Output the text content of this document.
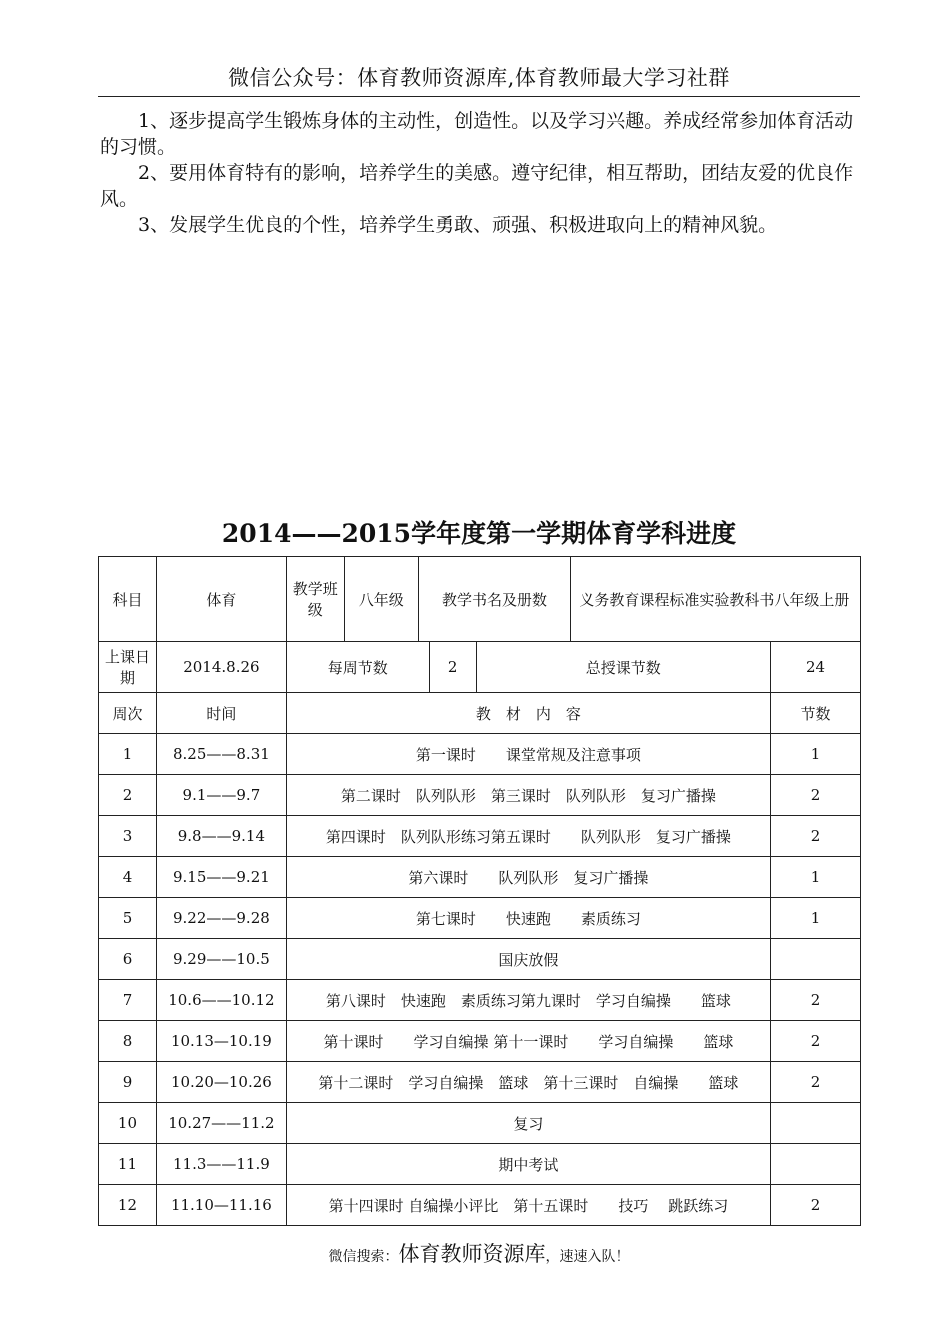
微信公众号：体育教师资源库,体育教师最大学习社群

1、逐步提高学生锻炼身体的主动性，创造性。以及学习兴趣。养成经常参加体育活动的习惯。

2、要用体育特有的影响，培养学生的美感。遵守纪律，相互帮助，团结友爱的优良作风。

3、发展学生优良的个性，培养学生勇敢、顽强、积极进取向上的精神风貌。

2014——2015学年度第一学期体育学科进度
科目	体育	教学班级	八年级	教学书名及册数			义务教育课程标准实验教科书八年级上册	
上课日期	2014.8.26	每周节数			2	总授课节数		24
周次	时间	教　材　内　容						节数
1	8.25——8.31	第一课时　　课堂常规及注意事项						1
2	9.1——9.7	第二课时　队列队形　第三课时　队列队形　复习广播操						2
3	9.8——9.14	第四课时　队列队形练习第五课时　　队列队形　复习广播操						2
4	9.15——9.21	第六课时　　队列队形　复习广播操						1
5	9.22——9.28	第七课时　　快速跑　　素质练习						1
6	9.29——10.5	国庆放假						
7	10.6——10.12	第八课时　快速跑　素质练习第九课时　学习自编操　　篮球						2
8	10.13—10.19	第十课时　　学习自编操 第十一课时　　学习自编操　　篮球						2
9	10.20—10.26	第十二课时　学习自编操　篮球　第十三课时　自编操　　篮球						2
10	10.27——11.2	复习						
11	11.3——11.9	期中考试						
12	11.10—11.16	第十四课时 自编操小评比　第十五课时　　技巧　 跳跃练习						2
微信搜索：体育教师资源库，速速入队！
